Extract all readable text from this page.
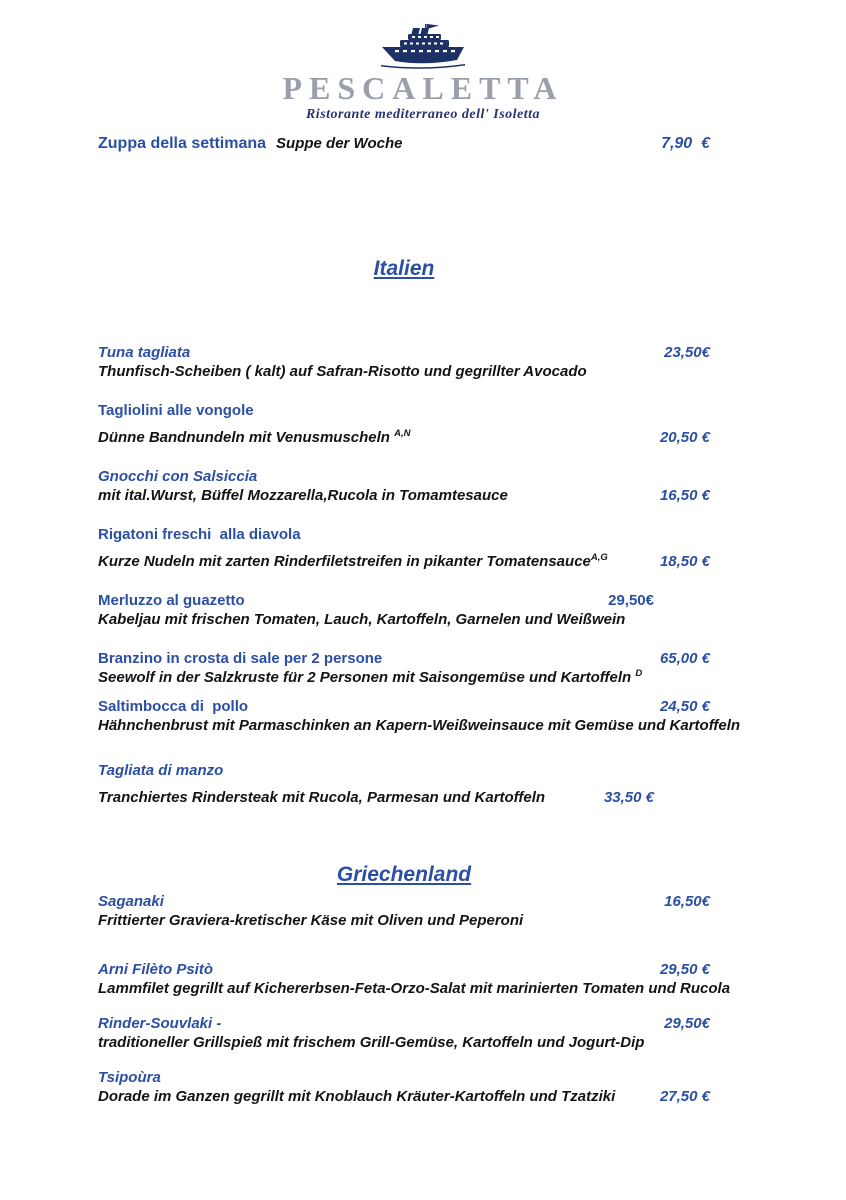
PESCALETTA
Ristorante mediterraneo dell' Isoletta
Zuppa della settimana Suppe der Woche	7,90  €
Italien
Tuna tagliata	23,50€
Thunfisch-Scheiben ( kalt) auf Safran-Risotto und gegrillter Avocado
Tagliolini alle vongole
Dünne Bandnundeln mit Venusmuscheln $^{A,N}$	20,50 €
Gnocchi con Salsiccia
mit ital.Wurst, Büffel Mozzarella,Rucola in Tomamtesauce	16,50 €
Rigatoni freschi  alla diavola
Kurze Nudeln mit zarten Rinderfiletstreifen in pikanter Tomatensauce$^{A,G}$	18,50 €
Merluzzo al guazetto	29,50€
Kabeljau mit frischen Tomaten, Lauch, Kartoffeln, Garnelen und Weißwein
Branzino in crosta di sale per 2 persone	65,00 €
Seewolf in der Salzkruste für 2 Personen mit Saisongemüse und Kartoffeln $^D$
Saltimbocca di  pollo	24,50 €
Hähnchenbrust mit Parmaschinken an Kapern-Weißweinsauce mit Gemüse und Kartoffeln
Tagliata di manzo
Tranchiertes Rindersteak mit Rucola, Parmesan und Kartoffeln	33,50 €
Griechenland
Saganaki	16,50€
Frittierter Graviera-kretischer Käse mit Oliven und Peperoni
Arni Filèto Psitò	29,50 €
Lammfilet gegrillt auf Kichererbsen-Feta-Orzo-Salat mit marinierten Tomaten und Rucola
Rinder-Souvlaki -	29,50€
traditioneller Grillspieß mit frischem Grill-Gemüse, Kartoffeln und Jogurt-Dip
Tsipoùra
Dorade im Ganzen gegrillt mit Knoblauch Kräuter-Kartoffeln und Tzatziki	27,50 €
